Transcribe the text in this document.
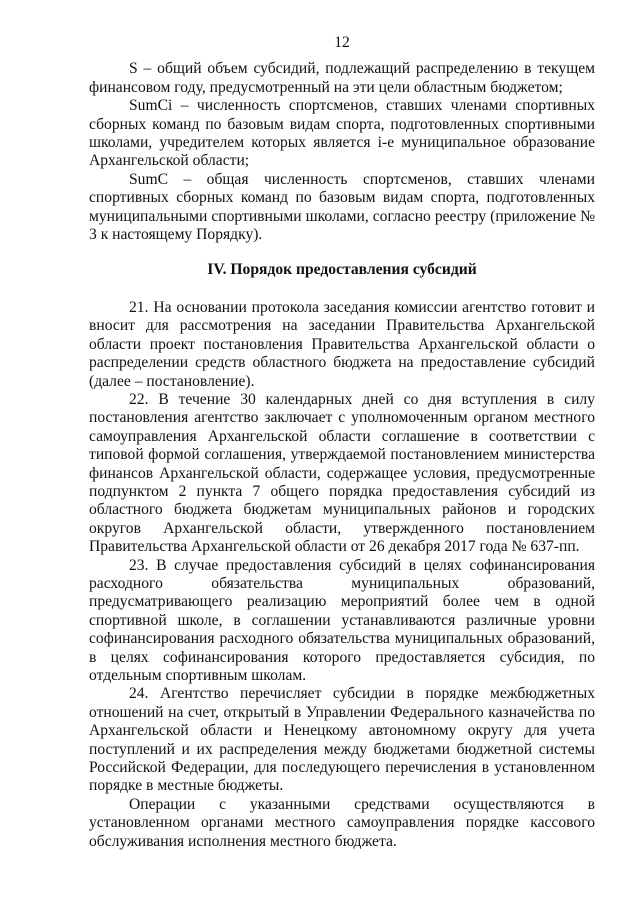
12

S – общий объем субсидий, подлежащий распределению в текущем финансовом году, предусмотренный на эти цели областным бюджетом;

SumCi – численность спортсменов, ставших членами спортивных сборных команд по базовым видам спорта, подготовленных спортивными школами, учредителем которых является i-е муниципальное образование Архангельской области;

SumC – общая численность спортсменов, ставших членами спортивных сборных команд по базовым видам спорта, подготовленных муниципальными спортивными школами, согласно реестру (приложение № 3 к настоящему Порядку).

IV. Порядок предоставления субсидий

21. На основании протокола заседания комиссии агентство готовит и вносит для рассмотрения на заседании Правительства Архангельской области проект постановления Правительства Архангельской области о распределении средств областного бюджета на предоставление субсидий (далее – постановление).

22. В течение 30 календарных дней со дня вступления в силу постановления агентство заключает с уполномоченным органом местного самоуправления Архангельской области соглашение в соответствии с типовой формой соглашения, утверждаемой постановлением министерства финансов Архангельской области, содержащее условия, предусмотренные подпунктом 2 пункта 7 общего порядка предоставления субсидий из областного бюджета бюджетам муниципальных районов и городских округов Архангельской области, утвержденного постановлением Правительства Архангельской области от 26 декабря 2017 года № 637-пп.

23. В случае предоставления субсидий в целях софинансирования расходного обязательства муниципальных образований, предусматривающего реализацию мероприятий более чем в одной спортивной школе, в соглашении устанавливаются различные уровни софинансирования расходного обязательства муниципальных образований, в целях софинансирования которого предоставляется субсидия, по отдельным спортивным школам.

24. Агентство перечисляет субсидии в порядке межбюджетных отношений на счет, открытый в Управлении Федерального казначейства по Архангельской области и Ненецкому автономному округу для учета поступлений и их распределения между бюджетами бюджетной системы Российской Федерации, для последующего перечисления в установленном порядке в местные бюджеты.

Операции с указанными средствами осуществляются в установленном органами местного самоуправления порядке кассового обслуживания исполнения местного бюджета.
